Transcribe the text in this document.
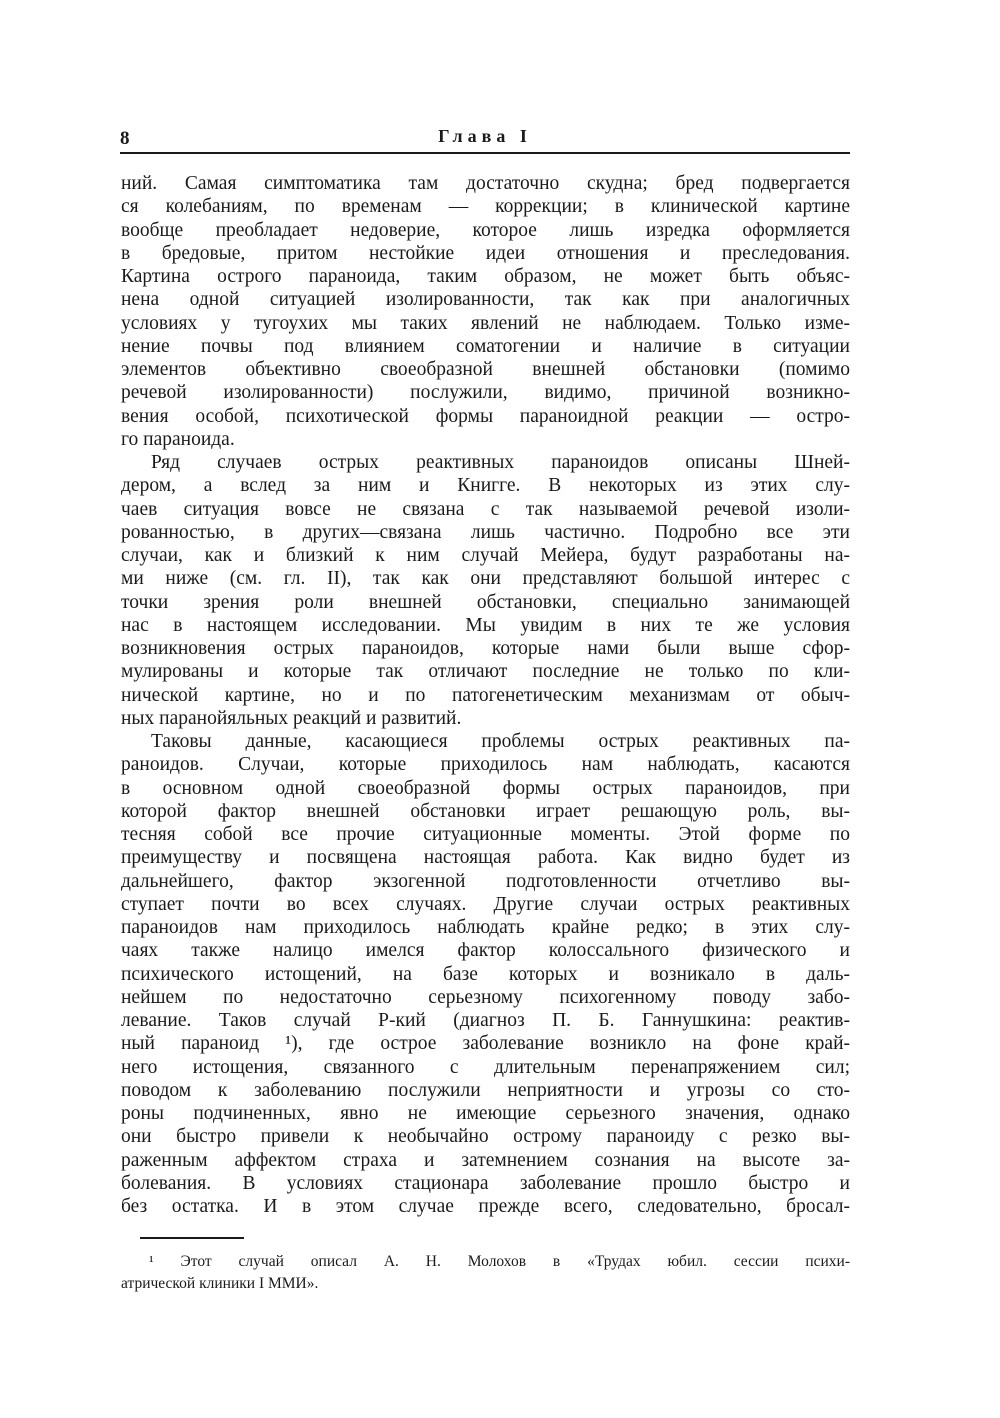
8	Глава I
ний. Самая симптоматика там достаточно скудна; бред подвергается
ся колебаниям, по временам — коррекции; в клинической картине
вообще преобладает недоверие, которое лишь изредка оформляется
в бредовые, притом нестойкие идеи отношения и преследования.
Картина острого параноида, таким образом, не может быть объяс-
нена одной ситуацией изолированности, так как при аналогичных
условиях у тугоухих мы таких явлений не наблюдаем. Только изме-
нение почвы под влиянием соматогении и наличие в ситуации
элементов объективно своеобразной внешней обстановки (помимо
речевой изолированности) послужили, видимо, причиной возникно-
вения особой, психотической формы параноидной реакции — остро-
го параноида.
Ряд случаев острых реактивных параноидов описаны Шней-
дером, а вслед за ним и Книгге. В некоторых из этих слу-
чаев ситуация вовсе не связана с так называемой речевой изоли-
рованностью, в других—связана лишь частично. Подробно все эти
случаи, как и близкий к ним случай Мейера, будут разработаны на-
ми ниже (см. гл. II), так как они представляют большой интерес с
точки зрения роли внешней обстановки, специально занимающей
нас в настоящем исследовании. Мы увидим в них те же условия
возникновения острых параноидов, которые нами были выше сфор-
мулированы и которые так отличают последние не только по кли-
нической картине, но и по патогенетическим механизмам от обыч-
ных паранойяльных реакций и развитий.
Таковы данные, касающиеся проблемы острых реактивных па-
раноидов. Случаи, которые приходилось нам наблюдать, касаются
в основном одной своеобразной формы острых параноидов, при
которой фактор внешней обстановки играет решающую роль, вы-
тесняя собой все прочие ситуационные моменты. Этой форме по
преимуществу и посвящена настоящая работа. Как видно будет из
дальнейшего, фактор экзогенной подготовленности отчетливо вы-
ступает почти во всех случаях. Другие случаи острых реактивных
параноидов нам приходилось наблюдать крайне редко; в этих слу-
чаях также налицо имелся фактор колоссального физического и
психического истощений, на базе которых и возникало в даль-
нейшем по недостаточно серьезному психогенному поводу забо-
левание. Таков случай Р-кий (диагноз П. Б. Ганнушкина: реактив-
ный параноид ¹), где острое заболевание возникло на фоне край-
него истощения, связанного с длительным перенапряжением сил;
поводом к заболеванию послужили неприятности и угрозы со сто-
роны подчиненных, явно не имеющие серьезного значения, однако
они быстро привели к необычайно острому параноиду с резко вы-
раженным аффектом страха и затемнением сознания на высоте за-
болевания. В условиях стационара заболевание прошло быстро и
без остатка. И в этом случае прежде всего, следовательно, бросал-
¹ Этот случай описал А. Н. Молохов в «Трудах юбил. сессии психи-
атрической клиники I ММИ».
